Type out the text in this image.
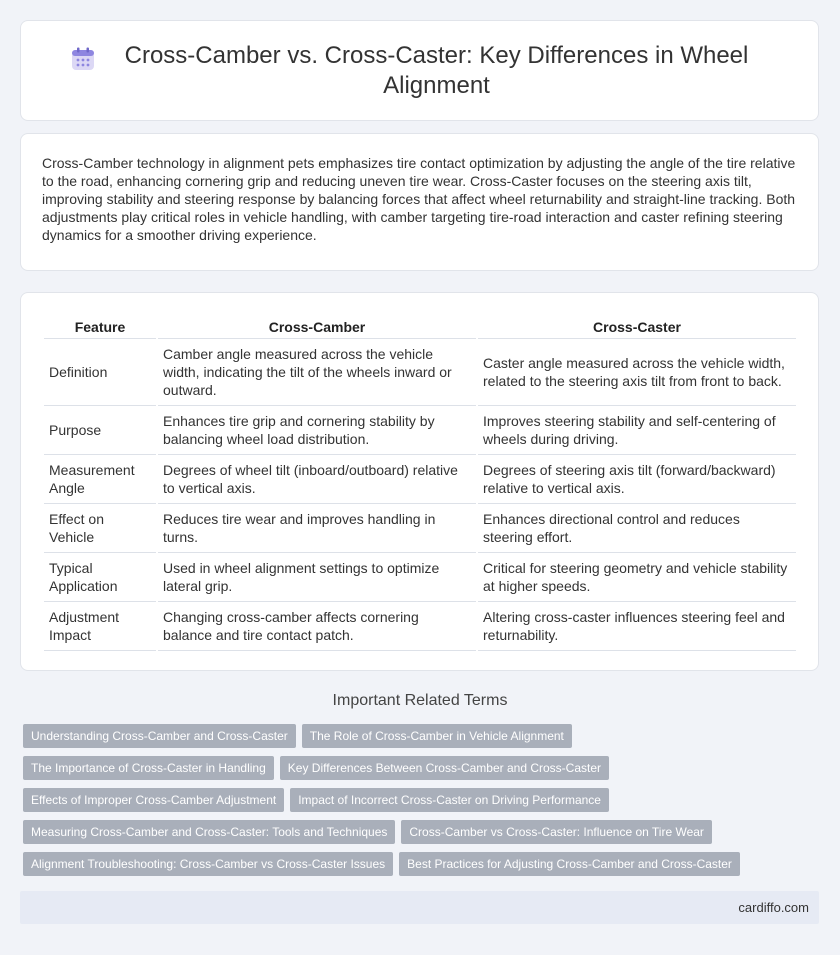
Cross-Camber vs. Cross-Caster: Key Differences in Wheel Alignment

Cross-Camber technology in alignment pets emphasizes tire contact optimization by adjusting the angle of the tire relative to the road, enhancing cornering grip and reducing uneven tire wear. Cross-Caster focuses on the steering axis tilt, improving stability and steering response by balancing forces that affect wheel returnability and straight-line tracking. Both adjustments play critical roles in vehicle handling, with camber targeting tire-road interaction and caster refining steering dynamics for a smoother driving experience.

Feature	Cross-Camber	Cross-Caster
Definition	Camber angle measured across the vehicle width, indicating the tilt of the wheels inward or outward.	Caster angle measured across the vehicle width, related to the steering axis tilt from front to back.
Purpose	Enhances tire grip and cornering stability by balancing wheel load distribution.	Improves steering stability and self-centering of wheels during driving.
Measurement Angle	Degrees of wheel tilt (inboard/outboard) relative to vertical axis.	Degrees of steering axis tilt (forward/backward) relative to vertical axis.
Effect on Vehicle	Reduces tire wear and improves handling in turns.	Enhances directional control and reduces steering effort.
Typical Application	Used in wheel alignment settings to optimize lateral grip.	Critical for steering geometry and vehicle stability at higher speeds.
Adjustment Impact	Changing cross-camber affects cornering balance and tire contact patch.	Altering cross-caster influences steering feel and returnability.
Important Related Terms
Understanding Cross-Camber and Cross-Caster	The Role of Cross-Camber in Vehicle Alignment
The Importance of Cross-Caster in Handling	Key Differences Between Cross-Camber and Cross-Caster
Effects of Improper Cross-Camber Adjustment	Impact of Incorrect Cross-Caster on Driving Performance
Measuring Cross-Camber and Cross-Caster: Tools and Techniques	Cross-Camber vs Cross-Caster: Influence on Tire Wear
Alignment Troubleshooting: Cross-Camber vs Cross-Caster Issues	Best Practices for Adjusting Cross-Camber and Cross-Caster
cardiffo.com
